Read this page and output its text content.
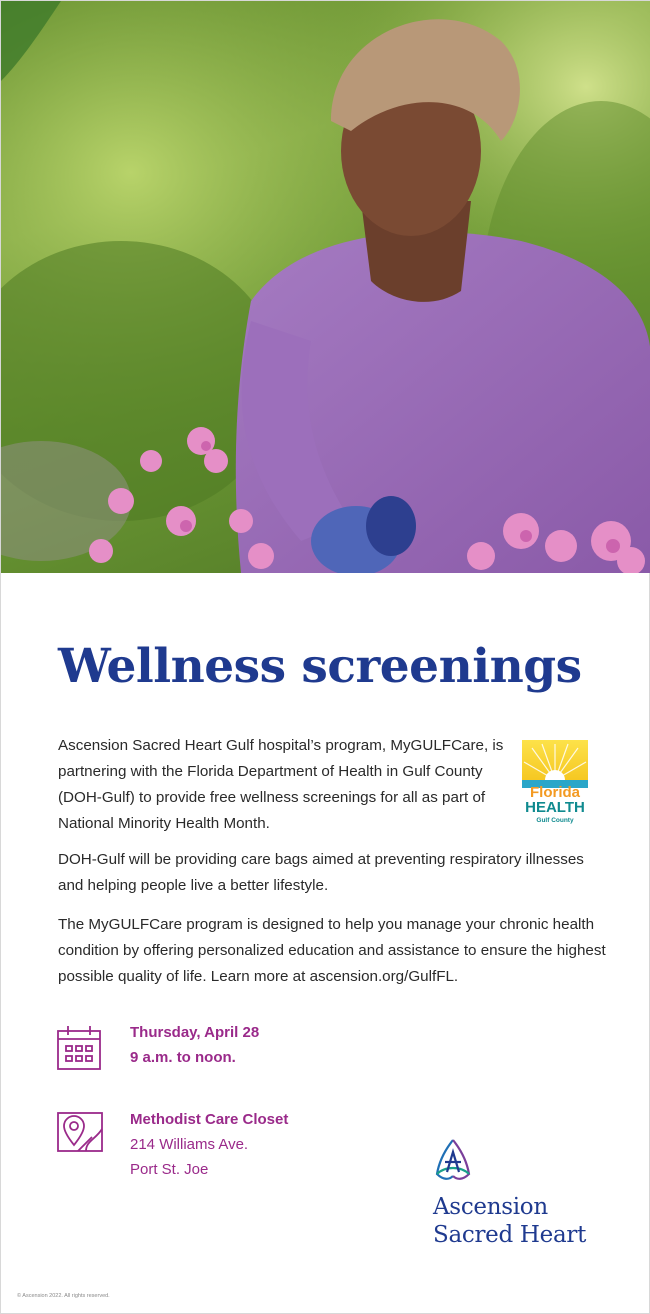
Wellness screenings

Ascension Sacred Heart Gulf hospital’s program, MyGULFCare, is partnering with the Florida Department of Health in Gulf County (DOH-Gulf) to provide free wellness screenings for all as part of National Minority Health Month.

Florida
HEALTH
Gulf County

DOH-Gulf will be providing care bags aimed at preventing respiratory illnesses and helping people live a better lifestyle.

The MyGULFCare program is designed to help you manage your chronic health condition by offering personalized education and assistance to ensure the highest possible quality of life. Learn more at ascension.org/GulfFL.

Thursday, April 28
9 a.m. to noon.
Methodist Care Closet
214 Williams Ave.
Port St. Joe
Ascension
Sacred Heart
© Ascension 2022. All rights reserved.
